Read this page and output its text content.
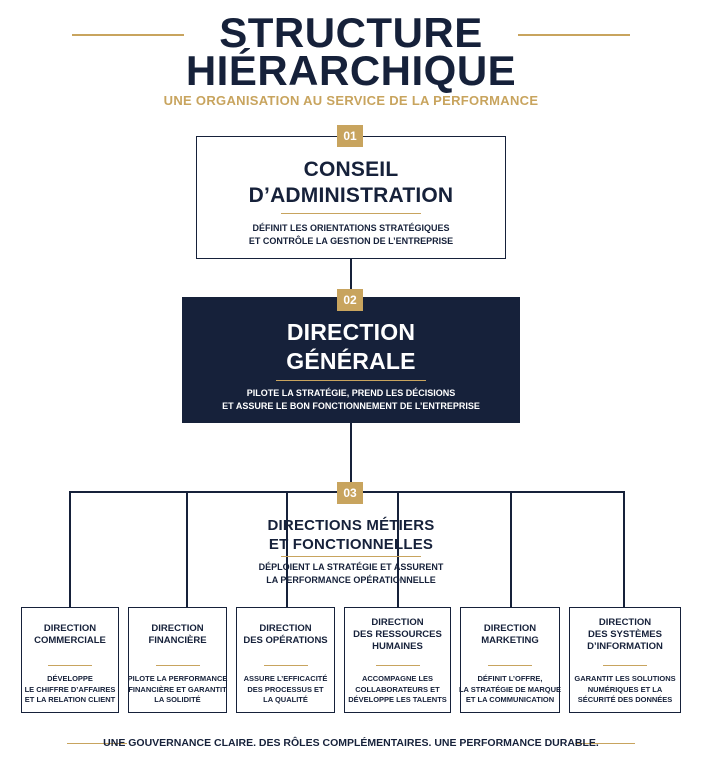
STRUCTURE
HIÉRARCHIQUE
UNE ORGANISATION AU SERVICE DE LA PERFORMANCE
CONSEIL
D’ADMINISTRATION
DÉFINIT LES ORIENTATIONS STRATÉGIQUES
ET CONTRÔLE LA GESTION DE L’ENTREPRISE
01
DIRECTION
GÉNÉRALE
PILOTE LA STRATÉGIE, PREND LES DÉCISIONS
ET ASSURE LE BON FONCTIONNEMENT DE L’ENTREPRISE
02
03
DIRECTIONS MÉTIERS
ET FONCTIONNELLES
DÉPLOIENT LA STRATÉGIE ET ASSURENT
LA PERFORMANCE OPÉRATIONNELLE
DIRECTION
COMMERCIALE
DÉVELOPPE
LE CHIFFRE D’AFFAIRES
ET LA RELATION CLIENT
DIRECTION
FINANCIÈRE
PILOTE LA PERFORMANCE
FINANCIÈRE ET GARANTIT
LA SOLIDITÉ
DIRECTION
DES OPÉRATIONS
ASSURE L’EFFICACITÉ
DES PROCESSUS ET
LA QUALITÉ
DIRECTION
DES RESSOURCES
HUMAINES
ACCOMPAGNE LES
COLLABORATEURS ET
DÉVELOPPE LES TALENTS
DIRECTION
MARKETING
DÉFINIT L’OFFRE,
LA STRATÉGIE DE MARQUE
ET LA COMMUNICATION
DIRECTION
DES SYSTÈMES
D’INFORMATION
GARANTIT LES SOLUTIONS
NUMÉRIQUES ET LA
SÉCURITÉ DES DONNÉES
UNE GOUVERNANCE CLAIRE. DES RÔLES COMPLÉMENTAIRES. UNE PERFORMANCE DURABLE.
